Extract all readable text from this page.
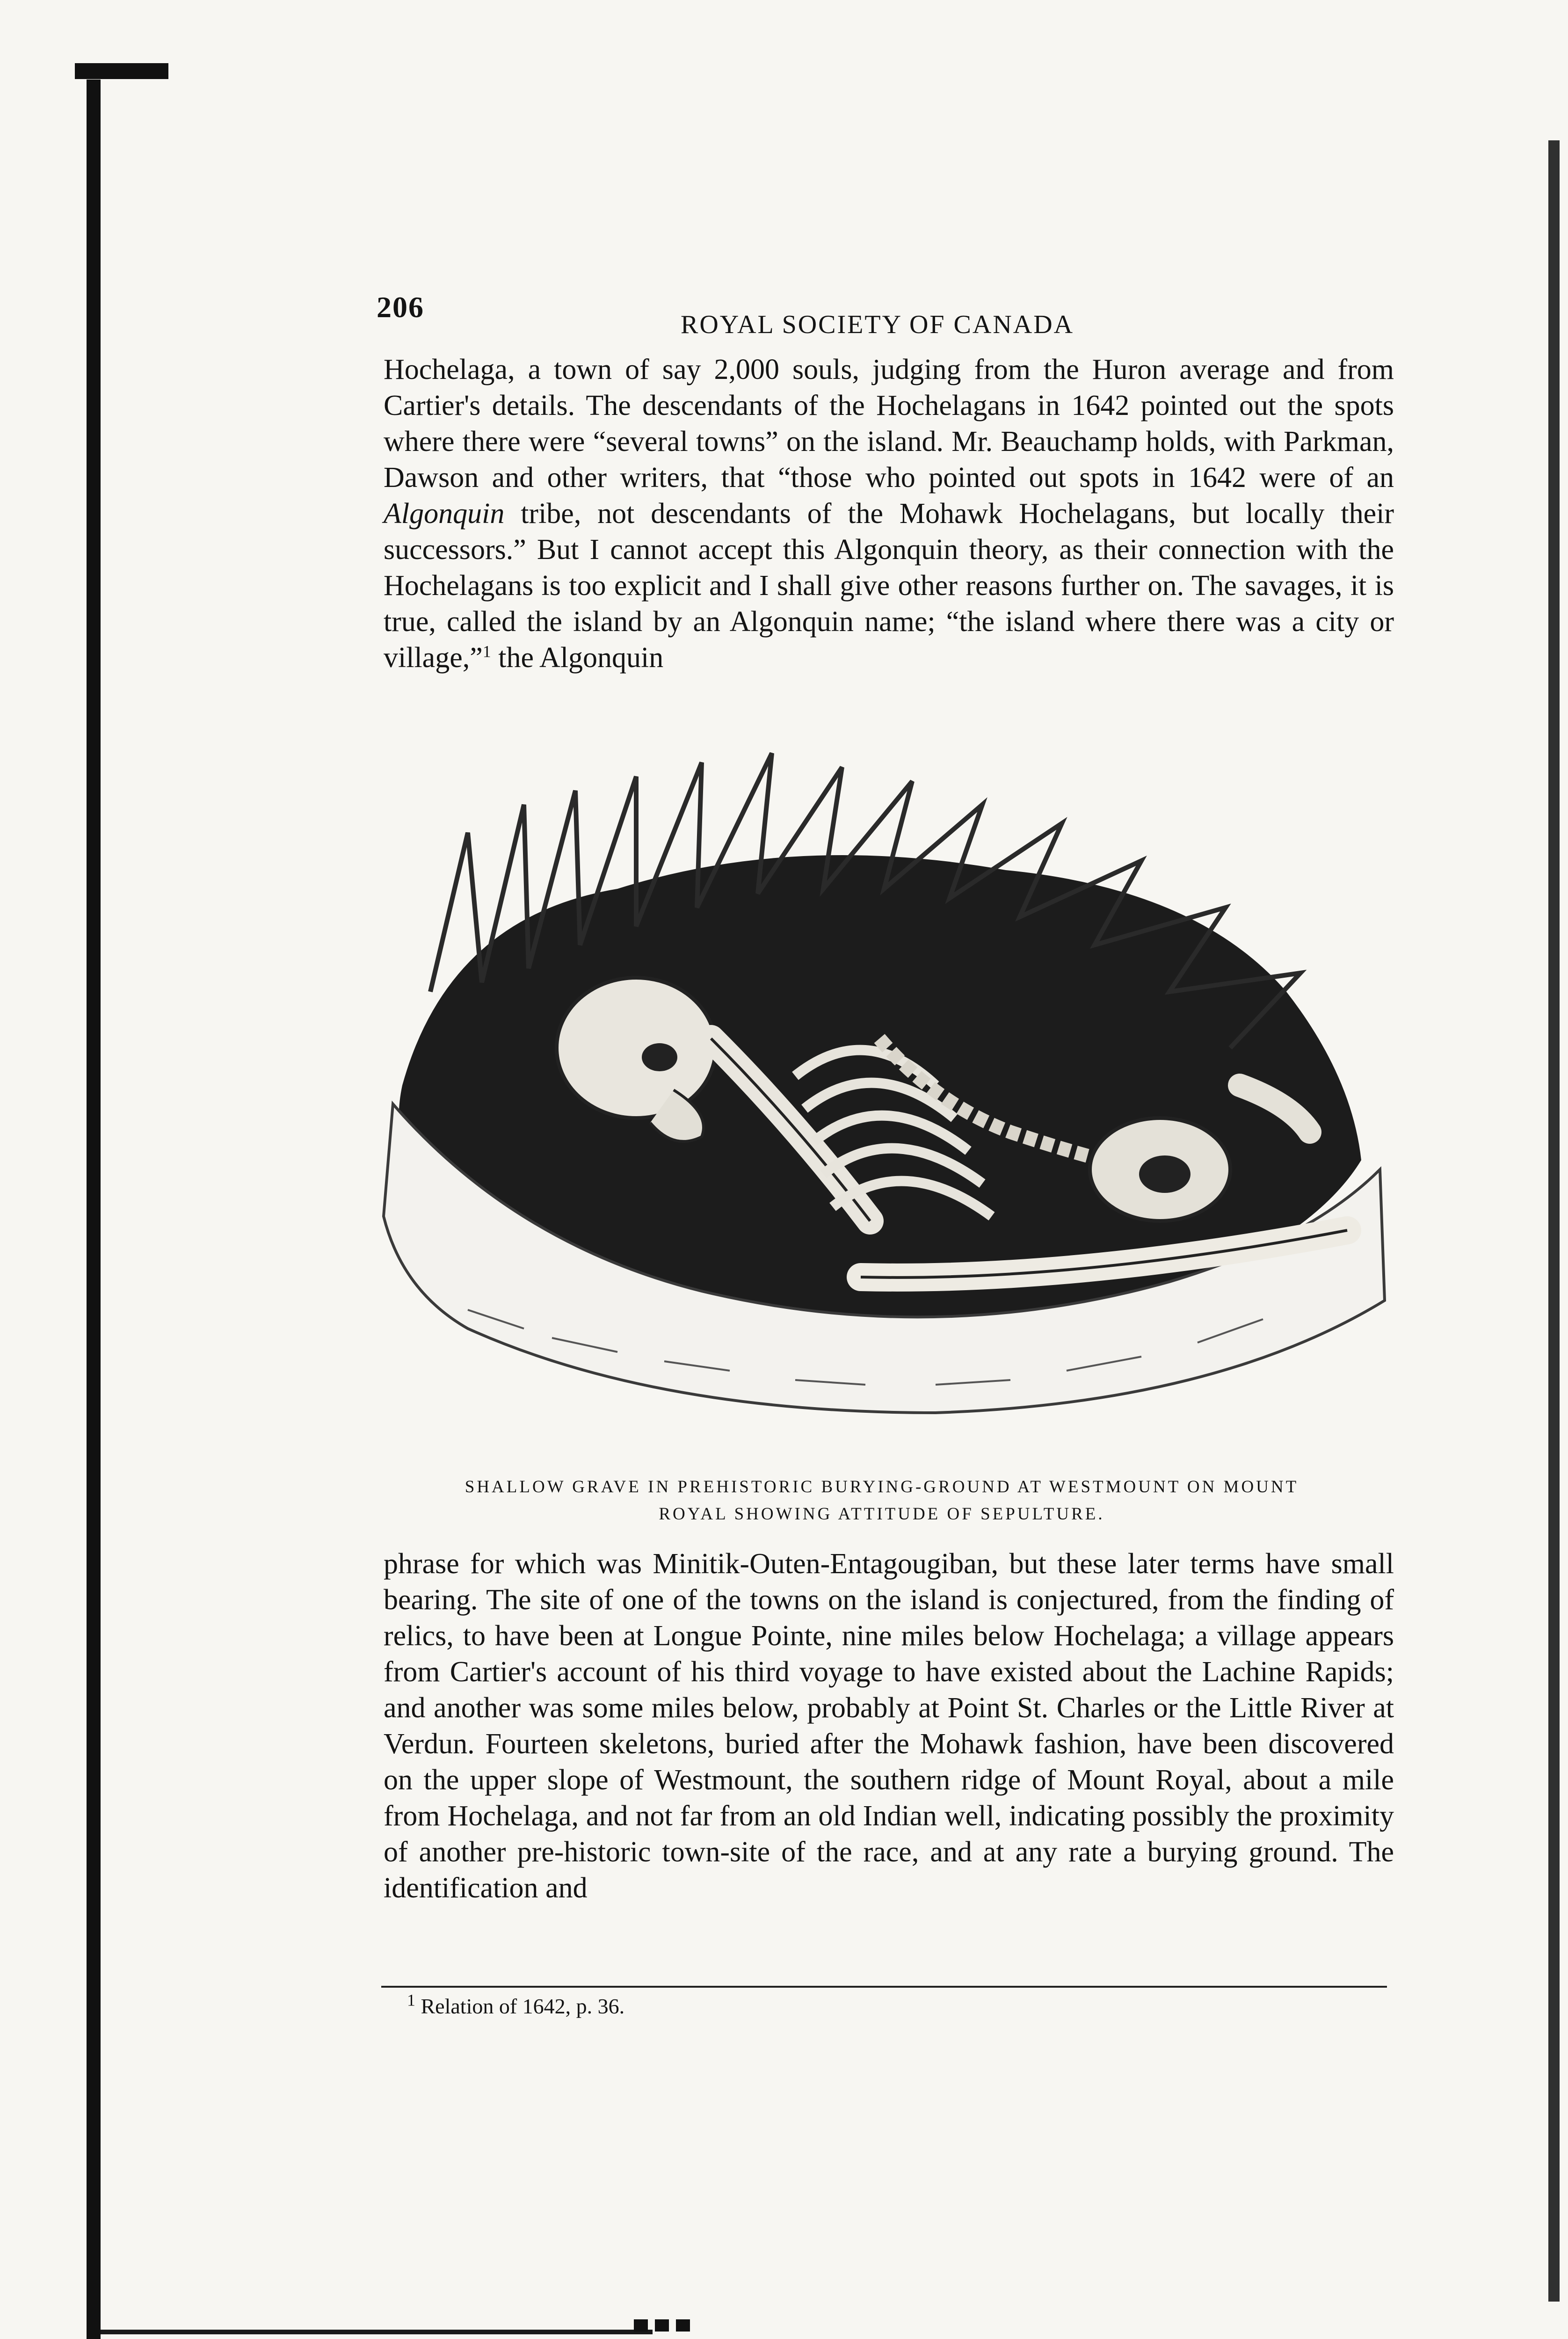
206
ROYAL SOCIETY OF CANADA

Hochelaga, a town of say 2,000 souls, judging from the Huron average and from Cartier's details. The descendants of the Hochelagans in 1642 pointed out the spots where there were “several towns” on the island. Mr. Beauchamp holds, with Parkman, Dawson and other writers, that “those who pointed out spots in 1642 were of an Algonquin tribe, not descendants of the Mohawk Hochelagans, but locally their successors.” But I cannot accept this Algonquin theory, as their connection with the Hochelagans is too explicit and I shall give other reasons further on. The savages, it is true, called the island by an Algonquin name; “the island where there was a city or village,”$^1$ the Algonquin

SHALLOW GRAVE IN PREHISTORIC BURYING-GROUND AT WESTMOUNT ON MOUNT
ROYAL SHOWING ATTITUDE OF SEPULTURE.

phrase for which was Minitik-Outen-Entagougiban, but these later terms have small bearing. The site of one of the towns on the island is conjectured, from the finding of relics, to have been at Longue Pointe, nine miles below Hochelaga; a village appears from Cartier's account of his third voyage to have existed about the Lachine Rapids; and another was some miles below, probably at Point St. Charles or the Little River at Verdun. Fourteen skeletons, buried after the Mohawk fashion, have been discovered on the upper slope of Westmount, the southern ridge of Mount Royal, about a mile from Hochelaga, and not far from an old Indian well, indicating possibly the proximity of another pre-historic town-site of the race, and at any rate a burying ground. The identification and

$^1$ Relation of 1642, p. 36.
